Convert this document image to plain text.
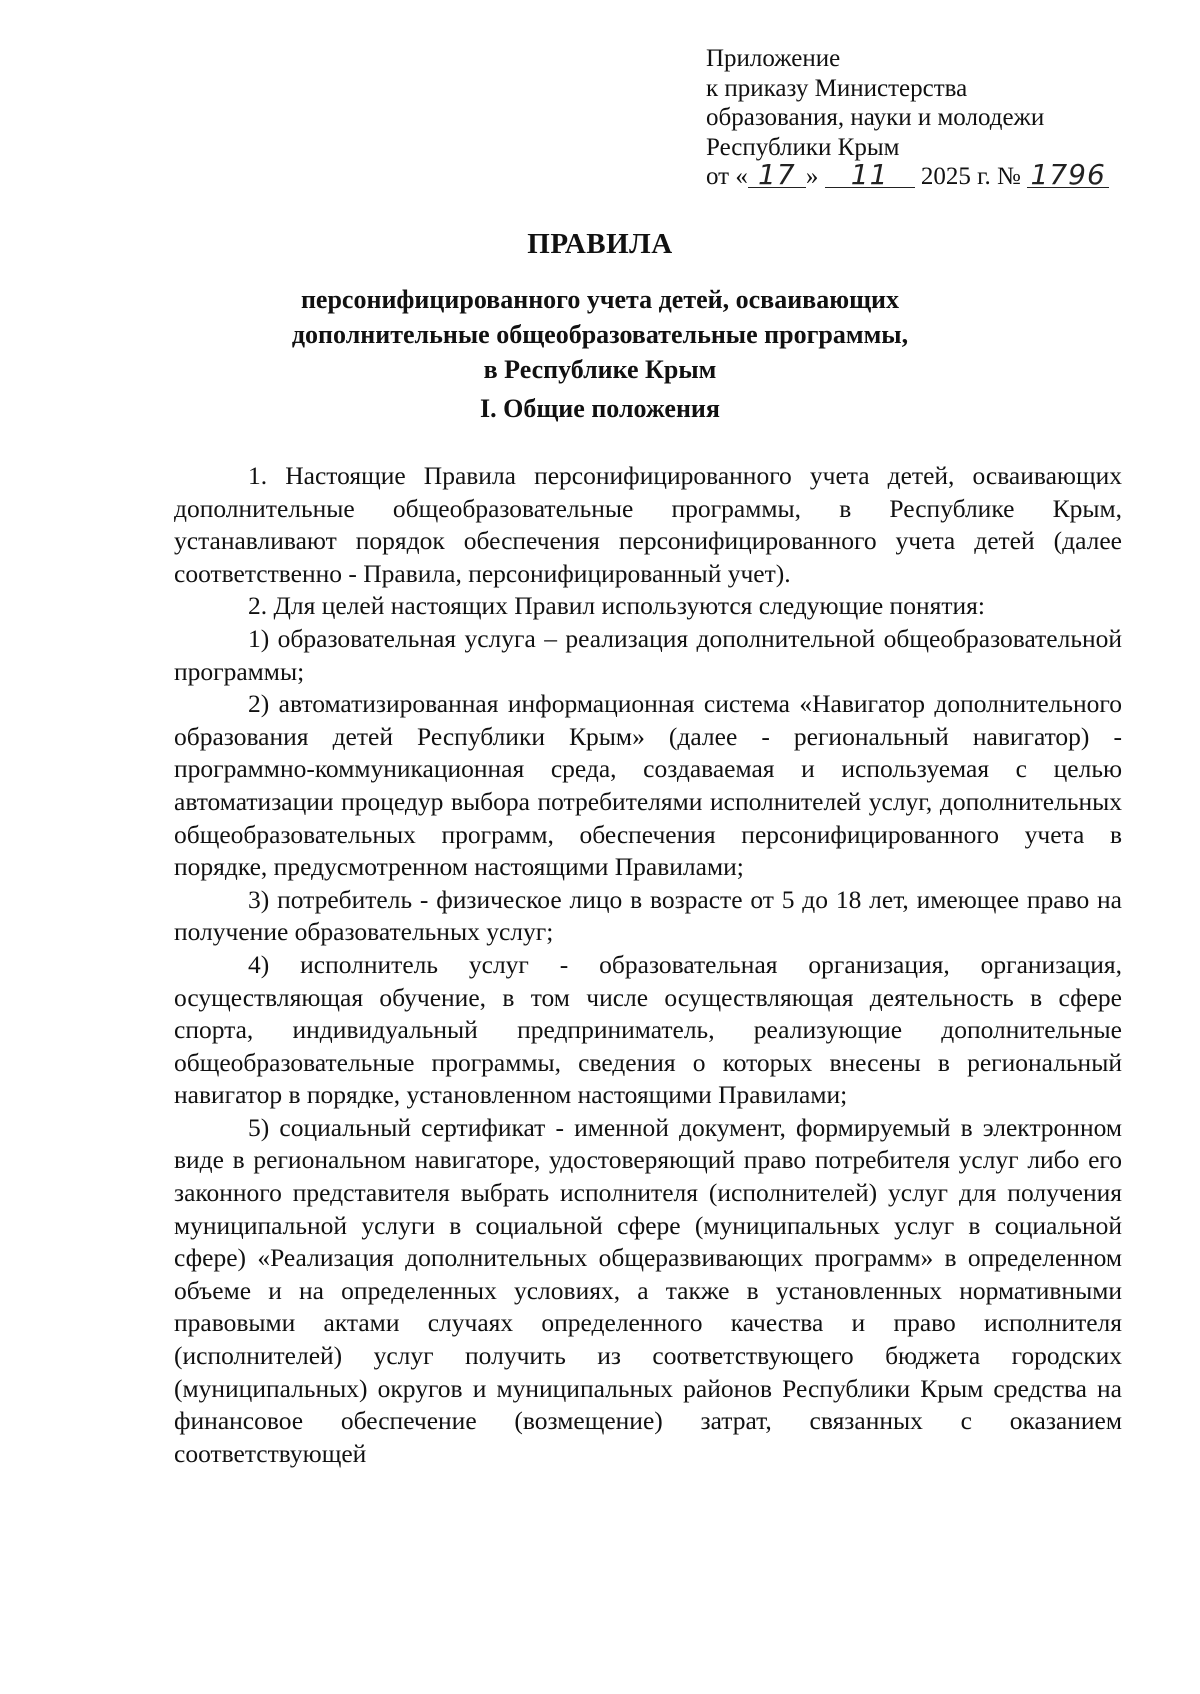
Приложение
к приказу Министерства
образования, науки и молодежи
Республики Крым
от « 17 » 11 2025 г. № 1796
ПРАВИЛА
персонифицированного учета детей, осваивающих
дополнительные общеобразовательные программы,
в Республике Крым
I. Общие положения

1. Настоящие Правила персонифицированного учета детей, осваивающих дополнительные общеобразовательные программы, в Республике Крым, устанавливают порядок обеспечения персонифицированного учета детей (далее соответственно - Правила, персонифицированный учет).

2. Для целей настоящих Правил используются следующие понятия:

1) образовательная услуга – реализация дополнительной общеобразовательной программы;

2) автоматизированная информационная система «Навигатор дополнительного образования детей Республики Крым» (далее - региональный навигатор) - программно-коммуникационная среда, создаваемая и используемая с целью автоматизации процедур выбора потребителями исполнителей услуг, дополнительных общеобразовательных программ, обеспечения персонифицированного учета в порядке, предусмотренном настоящими Правилами;

3) потребитель - физическое лицо в возрасте от 5 до 18 лет, имеющее право на получение образовательных услуг;

4) исполнитель услуг - образовательная организация, организация, осуществляющая обучение, в том числе осуществляющая деятельность в сфере спорта, индивидуальный предприниматель, реализующие дополнительные общеобразовательные программы, сведения о которых внесены в региональный навигатор в порядке, установленном настоящими Правилами;

5) социальный сертификат - именной документ, формируемый в электронном виде в региональном навигаторе, удостоверяющий право потребителя услуг либо его законного представителя выбрать исполнителя (исполнителей) услуг для получения муниципальной услуги в социальной сфере (муниципальных услуг в социальной сфере) «Реализация дополнительных общеразвивающих программ» в определенном объеме и на определенных условиях, а также в установленных нормативными правовыми актами случаях определенного качества и право исполнителя (исполнителей) услуг получить из соответствующего бюджета городских (муниципальных) округов и муниципальных районов Республики Крым средства на финансовое обеспечение (возмещение) затрат, связанных с оказанием соответствующей
